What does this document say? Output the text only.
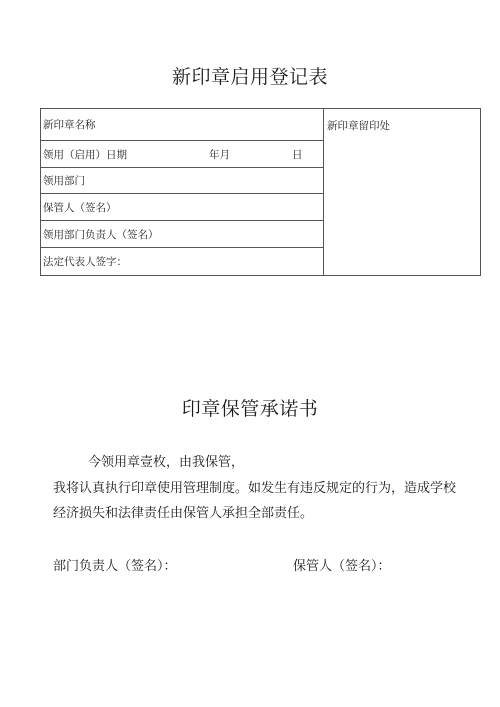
新印章启用登记表
新印章名称	新印章留印处

领用（启用）日期	年月	日

领用部门
保管人（签名）
领用部门负责人（签名）
法定代表人签字：
印章保管承诺书
今领用章壹枚，由我保管，
我将认真执行印章使用管理制度。如发生有违反规定的行为，造成学校
经济损失和法律责任由保管人承担全部责任。
部门负责人（签名）：	保管人（签名）：
